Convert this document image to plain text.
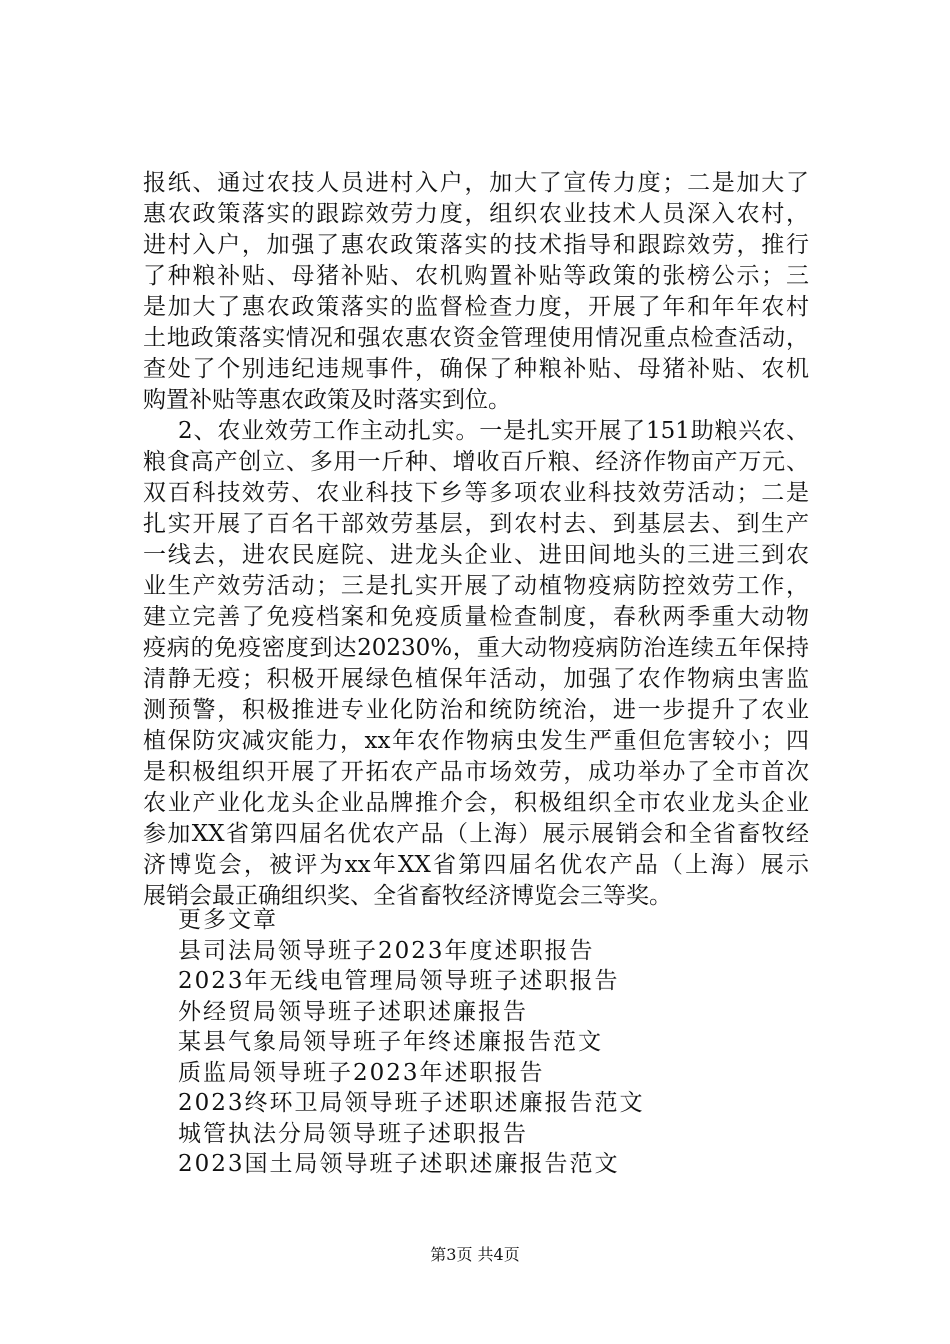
报纸、通过农技人员进村入户，加大了宣传力度；二是加大了
惠农政策落实的跟踪效劳力度，组织农业技术人员深入农村，
进村入户，加强了惠农政策落实的技术指导和跟踪效劳，推行
了种粮补贴、母猪补贴、农机购置补贴等政策的张榜公示；三
是加大了惠农政策落实的监督检查力度，开展了年和年年农村
土地政策落实情况和强农惠农资金管理使用情况重点检查活动，
查处了个别违纪违规事件，确保了种粮补贴、母猪补贴、农机
购置补贴等惠农政策及时落实到位。
2、农业效劳工作主动扎实。一是扎实开展了151助粮兴农、
粮食高产创立、多用一斤种、增收百斤粮、经济作物亩产万元、
双百科技效劳、农业科技下乡等多项农业科技效劳活动；二是
扎实开展了百名干部效劳基层，到农村去、到基层去、到生产
一线去，进农民庭院、进龙头企业、进田间地头的三进三到农
业生产效劳活动；三是扎实开展了动植物疫病防控效劳工作，
建立完善了免疫档案和免疫质量检查制度，春秋两季重大动物
疫病的免疫密度到达20230%，重大动物疫病防治连续五年保持
清静无疫；积极开展绿色植保年活动，加强了农作物病虫害监
测预警，积极推进专业化防治和统防统治，进一步提升了农业
植保防灾减灾能力，xx年农作物病虫发生严重但危害较小；四
是积极组织开展了开拓农产品市场效劳，成功举办了全市首次
农业产业化龙头企业品牌推介会，积极组织全市农业龙头企业
参加XX省第四届名优农产品（上海）展示展销会和全省畜牧经
济博览会，被评为xx年XX省第四届名优农产品（上海）展示
展销会最正确组织奖、全省畜牧经济博览会三等奖。
更多文章
县司法局领导班子2023年度述职报告
2023年无线电管理局领导班子述职报告
外经贸局领导班子述职述廉报告
某县气象局领导班子年终述廉报告范文
质监局领导班子2023年述职报告
2023终环卫局领导班子述职述廉报告范文
城管执法分局领导班子述职报告
2023国土局领导班子述职述廉报告范文
第3页 共4页
